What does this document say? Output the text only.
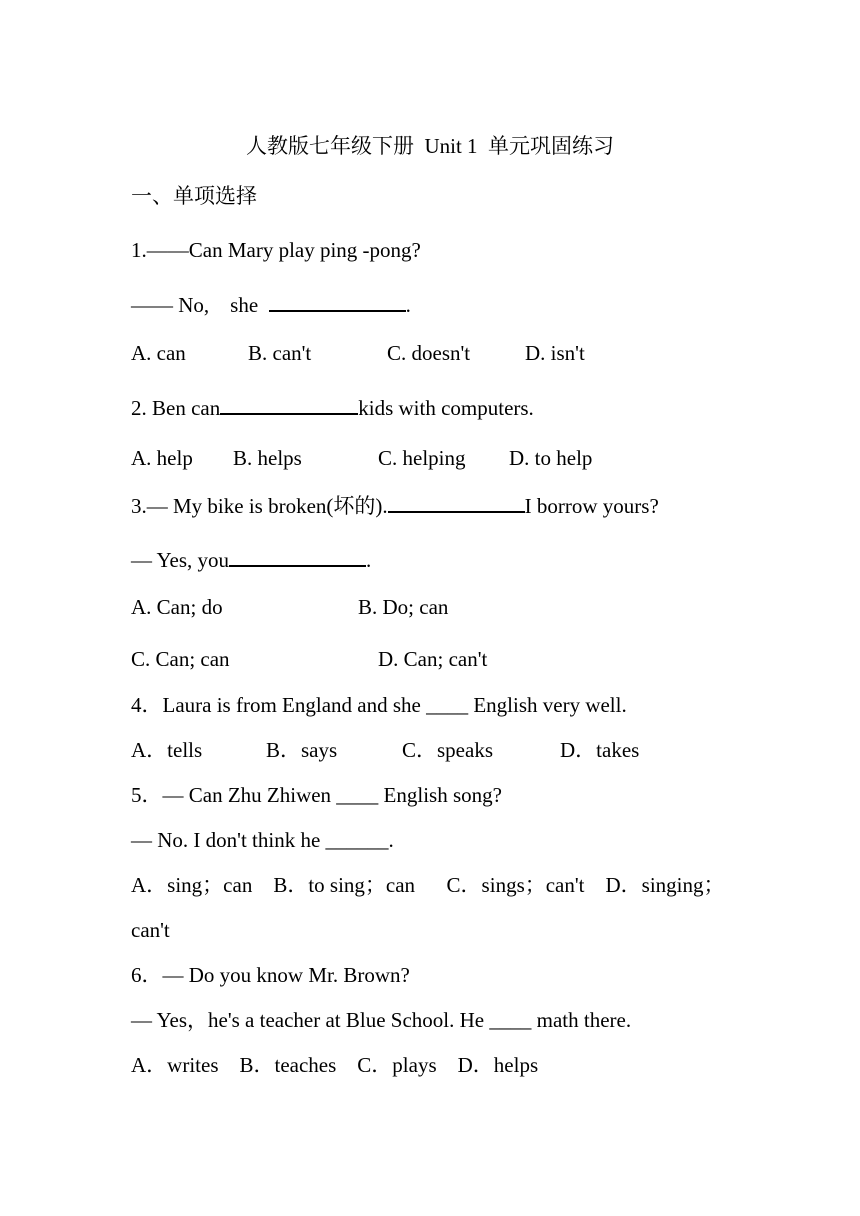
人教版七年级下册  Unit 1  单元巩固练习
一、单项选择
1.——Can Mary play ping -pong?
—— No,    she	.
A. can	B. can't	C. doesn't	D. isn't
2. Ben can	kids with computers.
A. help B. helps	C. helping D. to help
3.— My bike is broken(坏的).	I borrow yours?
— Yes, you	.
A. Can; do	B. Do; can
C. Can; can	D. Can; can't
4．Laura is from England and she ____ English very well.
A．tells	B．says	C．speaks	D．takes
5．— Can Zhu Zhiwen ____ English song?
— No. I don't think he ______.
A．sing；can    B．to sing；can      C．sings；can't    D．singing；
can't
6．— Do you know Mr. Brown?
— Yes，he's a teacher at Blue School. He ____ math there.
A．writes    B．teaches    C．plays    D．helps
